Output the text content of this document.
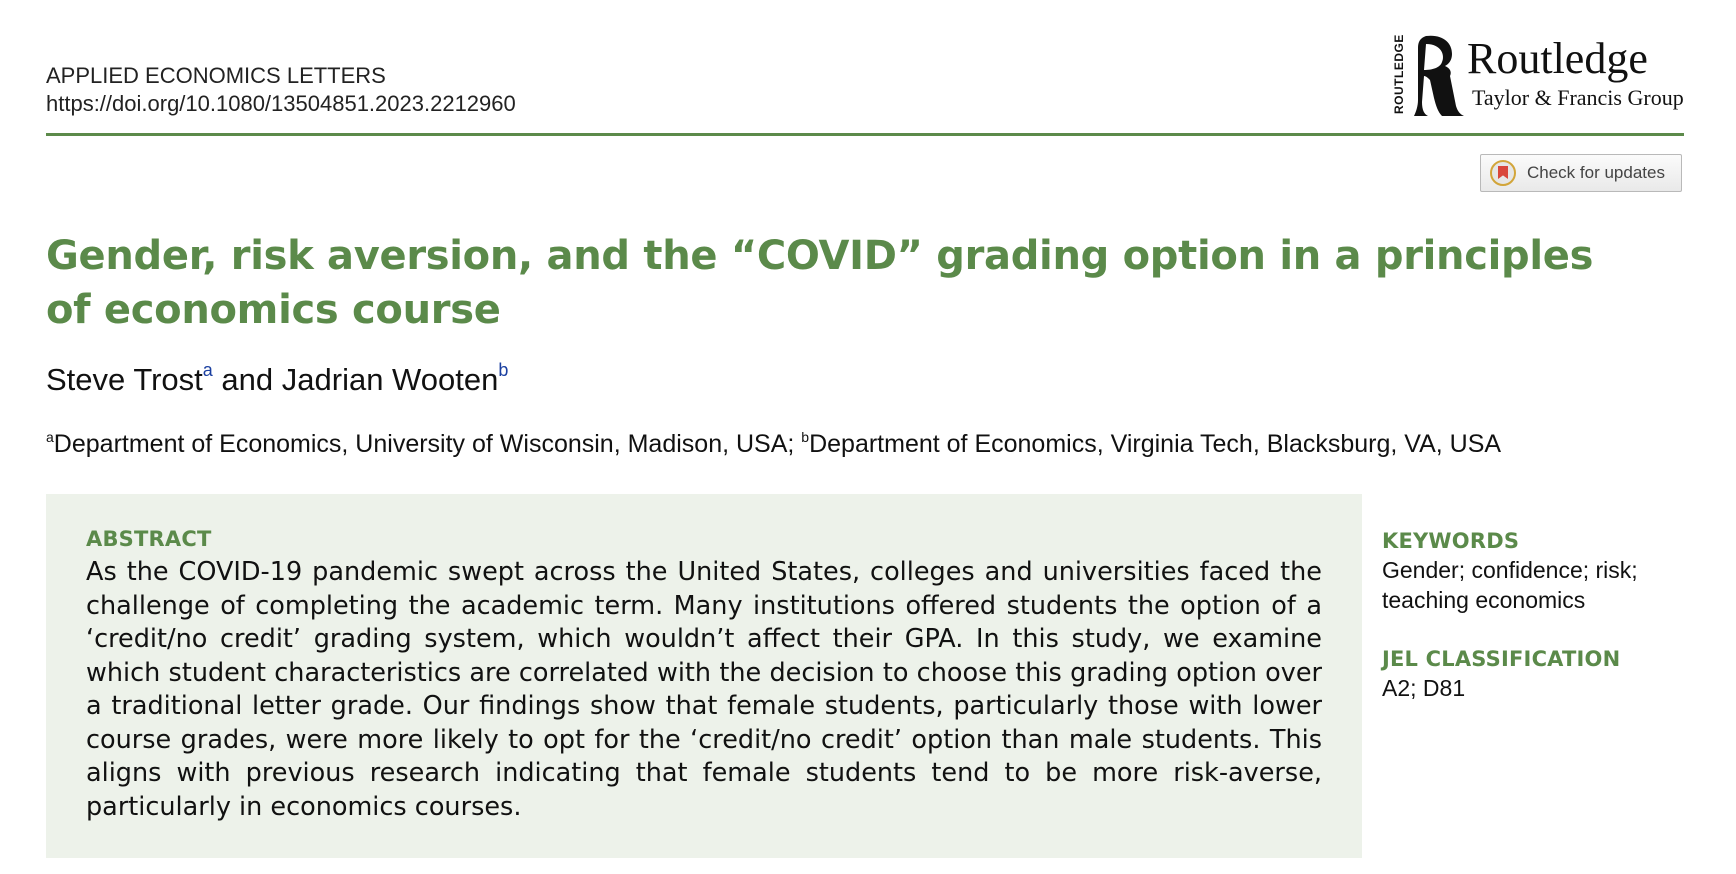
APPLIED ECONOMICS LETTERS
https://doi.org/10.1080/13504851.2023.2212960	ROUTLEDGE Routledge
Taylor & Francis Group
Check for updates
Gender, risk aversion, and the “COVID” grading option in a principles of economics course
Steve Trost$^a$ and Jadrian Wooten$^b$
$^a$Department of Economics, University of Wisconsin, Madison, USA; $^b$Department of Economics, Virginia Tech, Blacksburg, VA, USA
ABSTRACT

As the COVID-19 pandemic swept across the United States, colleges and universities faced the challenge of completing the academic term. Many institutions offered students the option of a ‘credit/no credit’ grading system, which wouldn’t affect their GPA. In this study, we examine which student characteristics are correlated with the decision to choose this grading option over a traditional letter grade. Our findings show that female students, particularly those with lower course grades, were more likely to opt for the ‘credit/no credit’ option than male students. This aligns with previous research indicating that female students tend to be more risk-averse, particularly in economics courses.

KEYWORDS
Gender; confidence; risk; teaching economics
JEL CLASSIFICATION
A2; D81
